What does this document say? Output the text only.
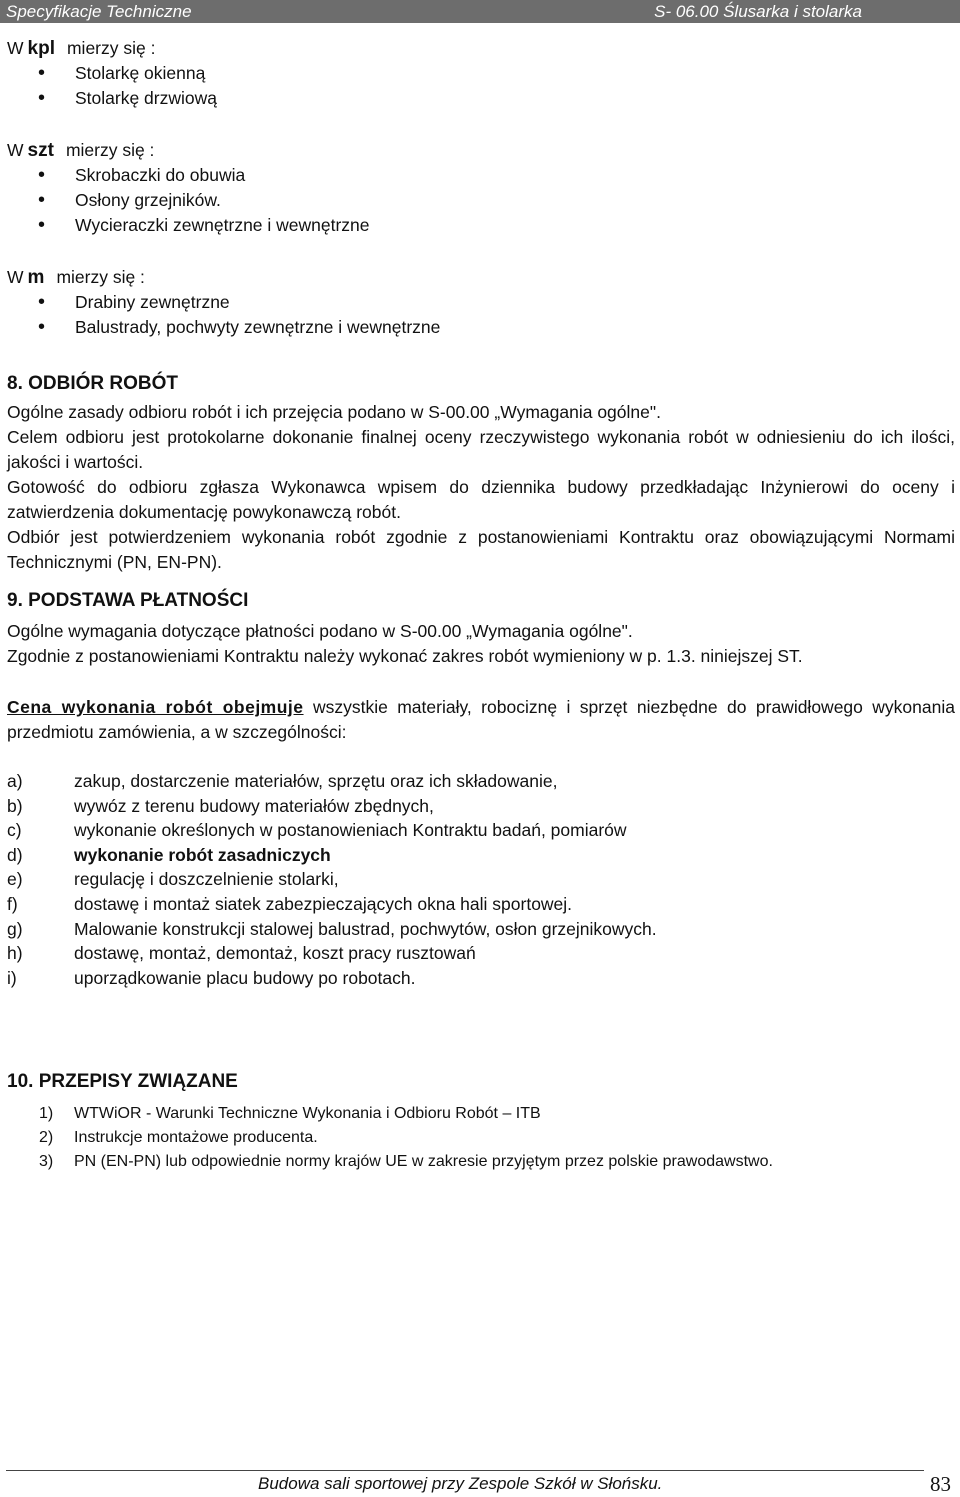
Specyfikacje Techniczne	S- 06.00 Ślusarka i stolarka

W kpl mierzy się :

• Stolarkę okienną
• Stolarkę drzwiową

W szt mierzy się :

• Skrobaczki do obuwia
• Osłony grzejników.
• Wycieraczki zewnętrzne i wewnętrzne

W m mierzy się :

• Drabiny zewnętrzne
• Balustrady, pochwyty zewnętrzne i wewnętrzne

8. ODBIÓR ROBÓT

Ogólne zasady odbioru robót i ich przejęcia podano w S-00.00 „Wymagania ogólne".

Celem odbioru jest protokolarne dokonanie finalnej oceny rzeczywistego wykonania robót w odniesieniu do ich ilości, jakości i wartości.

Gotowość do odbioru zgłasza Wykonawca wpisem do dziennika budowy przedkładając Inżynierowi do oceny i zatwierdzenia dokumentację powykonawczą robót.

Odbiór jest potwierdzeniem wykonania robót zgodnie z postanowieniami Kontraktu oraz obowiązującymi Normami Technicznymi (PN, EN-PN).

9. PODSTAWA PŁATNOŚCI

Ogólne wymagania dotyczące płatności podano w S-00.00 „Wymagania ogólne".

Zgodnie z postanowieniami Kontraktu należy wykonać zakres robót wymieniony w p. 1.3. niniejszej ST.

Cena wykonania robót obejmuje wszystkie materiały, robociznę i sprzęt niezbędne do prawidłowego wykonania przedmiotu zamówienia, a w szczególności:

a)	zakup, dostarczenie materiałów, sprzętu oraz ich składowanie,
b)	wywóz z terenu budowy materiałów zbędnych,
c)	wykonanie określonych w postanowieniach Kontraktu badań, pomiarów
d)	wykonanie robót zasadniczych
e)	regulację i doszczelnienie stolarki,
f)	dostawę i montaż siatek zabezpieczających okna hali sportowej.
g)	Malowanie konstrukcji stalowej balustrad, pochwytów, osłon grzejnikowych.
h)	dostawę, montaż, demontaż, koszt pracy rusztowań
i)	uporządkowanie placu budowy po robotach.

10. PRZEPISY ZWIĄZANE

1) WTWiOR - Warunki Techniczne Wykonania i Odbioru Robót – ITB
2) Instrukcje montażowe producenta.
3) PN (EN-PN) lub odpowiednie normy krajów UE w zakresie przyjętym przez polskie prawodawstwo.
Budowa sali sportowej przy Zespole Szkół w Słońsku.	83
